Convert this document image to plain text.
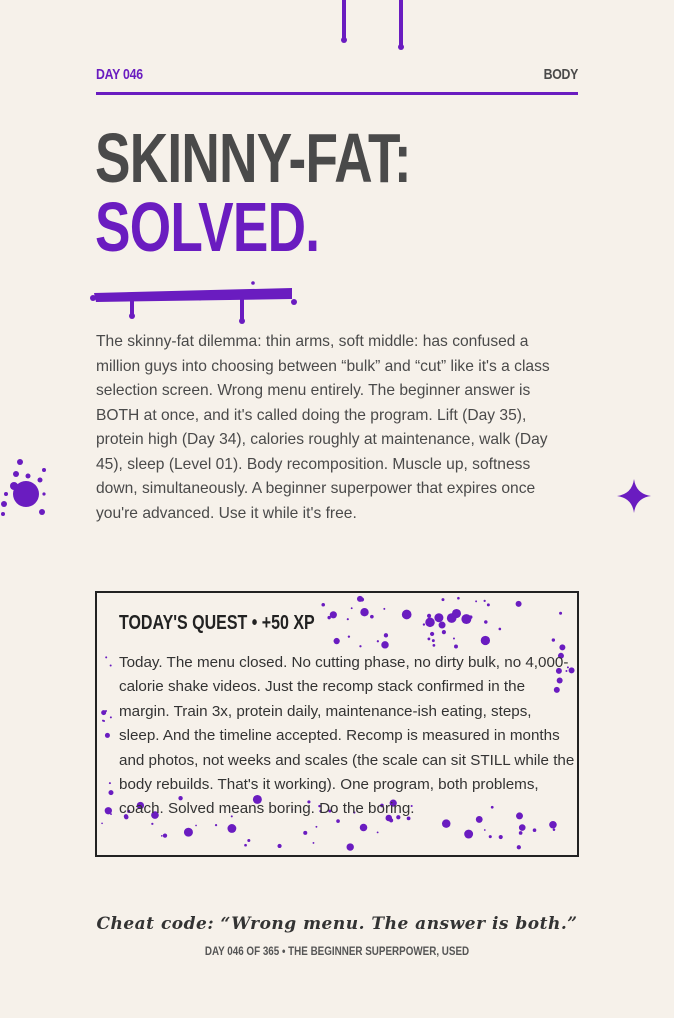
DAY 046	BODY
SKINNY-FAT:
SOLVED.
The skinny-fat dilemma: thin arms, soft middle: has confused a million guys into choosing between “bulk” and “cut” like it's a class selection screen. Wrong menu entirely. The beginner answer is BOTH at once, and it's called doing the program. Lift (Day 35), protein high (Day 34), calories roughly at maintenance, walk (Day 45), sleep (Level 01). Body recomposition. Muscle up, softness down, simultaneously. A beginner superpower that expires once you're advanced. Use it while it's free.
TODAY'S QUEST • +50 XP
Today. The menu closed. No cutting phase, no dirty bulk, no 4,000-calorie shake videos. Just the recomp stack confirmed in the margin. Train 3x, protein daily, maintenance-ish eating, steps, sleep. And the timeline accepted. Recomp is measured in months and photos, not weeks and scales (the scale can sit STILL while the body rebuilds. That's it working). One program, both problems, coach. Solved means boring. Do the boring.
Cheat code: “Wrong menu. The answer is both.”
DAY 046 OF 365 • THE BEGINNER SUPERPOWER, USED
